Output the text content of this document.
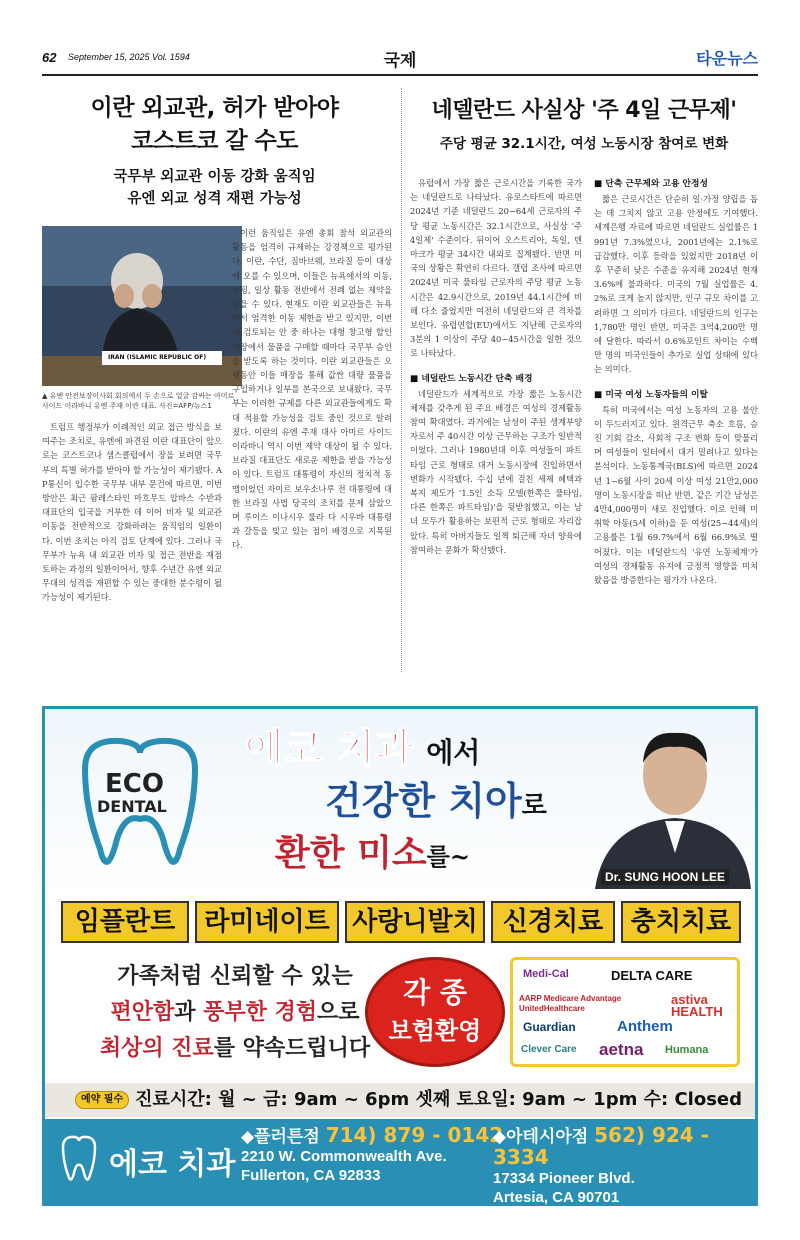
62 September 15, 2025 Vol. 1594	국제	타운뉴스
이란 외교관, 허가 받아야
코스트코 갈 수도
국무부 외교관 이동 강화 움직임
유엔 외교 성격 재편 가능성
IRAN (ISLAMIC REPUBLIC OF)
▲ 유엔 안전보장이사회 회의에서 두 손으로 얼굴 감싸는 아미르 사이드 이라바니 유엔 주재 이란 대표. 사진=AFP/뉴스1

트럼프 행정부가 이례적인 외교 접근 방식을 보여주는 조치로, 유엔에 파견된 이란 대표단이 앞으로는 코스트코나 샘스클럽에서 장을 보려면 국무부의 특별 허가를 받아야 할 가능성이 제기됐다. AP통신이 입수한 국무부 내부 문건에 따르면, 이번 방안은 최근 팜레스타인 마흐무드 압바스 수반과 대표단의 입국을 거부한 데 이어 비자 및 외교관 이동을 전반적으로 강화하려는 움직임의 일환이다. 이번 조치는 아직 검토 단계에 있다. 그러나 국무부가 뉴욕 내 외교관 비자 및 접근 전반을 재점토하는 과정의 일환이어서, 향후 수년간 유엔 외교 무대의 성격을 재편할 수 있는 중대한 분수령이 될 가능성이 제기된다.

이런 움직임은 유엔 총회 참석 외교관의 활동을 엄격히 규제하는 강경책으로 평가된다. 이란, 수단, 짐바브웨, 브라질 등이 대상에 오를 수 있으며, 이들은 뉴욕에서의 이동, 쇼핑, 일상 활동 전반에서 전례 없는 제약을 받을 수 있다. 현재도 이란 외교관들은 뉴욕에서 엄격한 이동 제한을 받고 있지만, 이번에 검토되는 안 중 하나는 대형 창고형 할인매장에서 물품을 구매할 때마다 국무부 승인을 받도록 하는 것이다. 이란 외교관들은 오랫동안 이들 매장을 통해 값싼 대량 물품을 구입하거나 일부를 본국으로 보내왔다. 국무부는 이러한 규제를 다른 외교관들에게도 확대 적용할 가능성을 검토 중인 것으로 알려졌다. 이란의 유엔 주재 대사 아미르 사이드 이라바니 역시 이번 제약 대상이 될 수 있다. 브라질 대표단도 새로운 제한을 받을 가능성이 있다. 트럼프 대통령이 자신의 정치적 동맹이었던 자이르 보우소나루 전 대통령에 대한 브라질 사법 당국의 조치를 문제 삼았으며 루이스 이나시우 룰라 다 시우바 대통령과 갈등을 빚고 있는 점이 배경으로 지목된다.

네델란드 사실상 '주 4일 근무제'
주당 평균 32.1시간, 여성 노동시장 참여로 변화

유럽에서 가장 짧은 근로시간을 기록한 국가는 네덜란드로 나타났다. 유로스타트에 따르면 2024년 기준 네덜란드 20~64세 근로자의 주당 평균 노동시간은 32.1시간으로, 사실상 '주 4일제' 수준이다. 뒤이어 오스트리아, 독일, 덴마크가 평균 34시간 내외로 집계됐다. 반면 미국의 상황은 확연히 다르다. 갤럽 조사에 따르면 2024년 미국 풀타임 근로자의 주당 평균 노동시간은 42.9시간으로, 2019년 44.1시간에 비해 다소 줄었지만 여전히 네덜란드와 큰 격차를 보인다. 유럽연합(EU)에서도 지난해 근로자의 3분의 1 이상이 주당 40~45시간을 일한 것으로 나타났다.

■ 네덜란드 노동시간 단축 배경

네덜란드가 세계적으로 가장 짧은 노동시간 체제를 갖추게 된 주요 배경은 여성의 경제활동 참여 확대였다. 과거에는 남성이 주된 생계부양자로서 주 40시간 이상 근무하는 구조가 일반적이었다. 그러나 1980년대 이후 여성들이 파트타임 근로 형태로 대거 노동시장에 진입하면서 변화가 시작됐다. 수십 년에 걸친 세제 혜택과 복지 제도가 '1.5인 소득 모델(한쪽은 풀타임, 다른 한쪽은 파트타임)'을 뒷받침했고, 이는 남녀 모두가 활용하는 보편적 근로 형태로 자리잡았다. 특히 아버지들도 일찍 퇴근해 자녀 양육에 참여하는 문화가 확산됐다.

■ 단축 근무제와 고용 안정성

짧은 근로시간은 단순히 일·가정 양립을 돕는 데 그치지 않고 고용 안정에도 기여했다. 세계은행 자료에 따르면 네덜란드 실업률은 1991년 7.3%였으나, 2001년에는 2.1%로 급감했다. 이후 등락을 있었지만 2018년 이후 꾸준히 낮은 수준을 유지해 2024년 현재 3.6%에 불과하다. 미국의 7월 실업률은 4.2%로 크게 높지 않지만, 인구 규모 차이를 고려하면 그 의미가 다르다. 네덜란드의 인구는 1,780만 명인 반면, 미국은 3억4,200만 명에 달한다. 따라서 0.6%포인트 차이는 수백만 명의 미국인들이 추가로 실업 상태에 있다는 의미다.

■ 미국 여성 노동자들의 이탈

특히 미국에서는 여성 노동자의 고용 불안이 두드러지고 있다. 원격근무 축소 흐름, 승진 기회 감소, 사회적 구조 변화 등이 맞물리며 여성들이 일터에서 대거 밀려나고 있다는 분석이다. 노동통계국(BLS)에 따르면 2024년 1~6월 사이 20세 이상 여성 21만2,000명이 노동시장을 떠난 반면, 같은 기간 남성은 4만4,000명이 새로 진입했다. 이로 인해 미취학 아동(5세 이하)을 둔 여성(25~44세)의 고용률은 1월 69.7%에서 6월 66.9%로 떨어졌다. 이는 네덜란드식 '유연 노동체계'가 여성의 경제활동 유지에 긍정적 영향을 미쳐왔음을 방증한다는 평가가 나온다.

ECO
DENTAL
에코 치과 에서
건강한 치아로
환한 미소를~
Dr. SUNG HOON LEE
임플란트	라미네이트 사랑니발치 신경치료	충치치료
가족처럼 신뢰할 수 있는
편안함과 풍부한 경험으로
최상의 진료를 약속드립니다
각 종
보험환영
Medi-Cal	DELTA CARE
AARP Medicare Advantage UnitedHealthcare
astiva HEALTH
Guardian	Anthem
Clever Care aetna Humana
예약 필수 진료시간: 월 ~ 금: 9am ~ 6pm 셋째 토요일: 9am ~ 1pm 수: Closed
에코 치과
◆플러튼점 714) 879 - 0142
2210 W. Commonwealth Ave.
Fullerton, CA 92833
◆아테시아점 562) 924 - 3334
17334 Pioneer Blvd.
Artesia, CA 90701
